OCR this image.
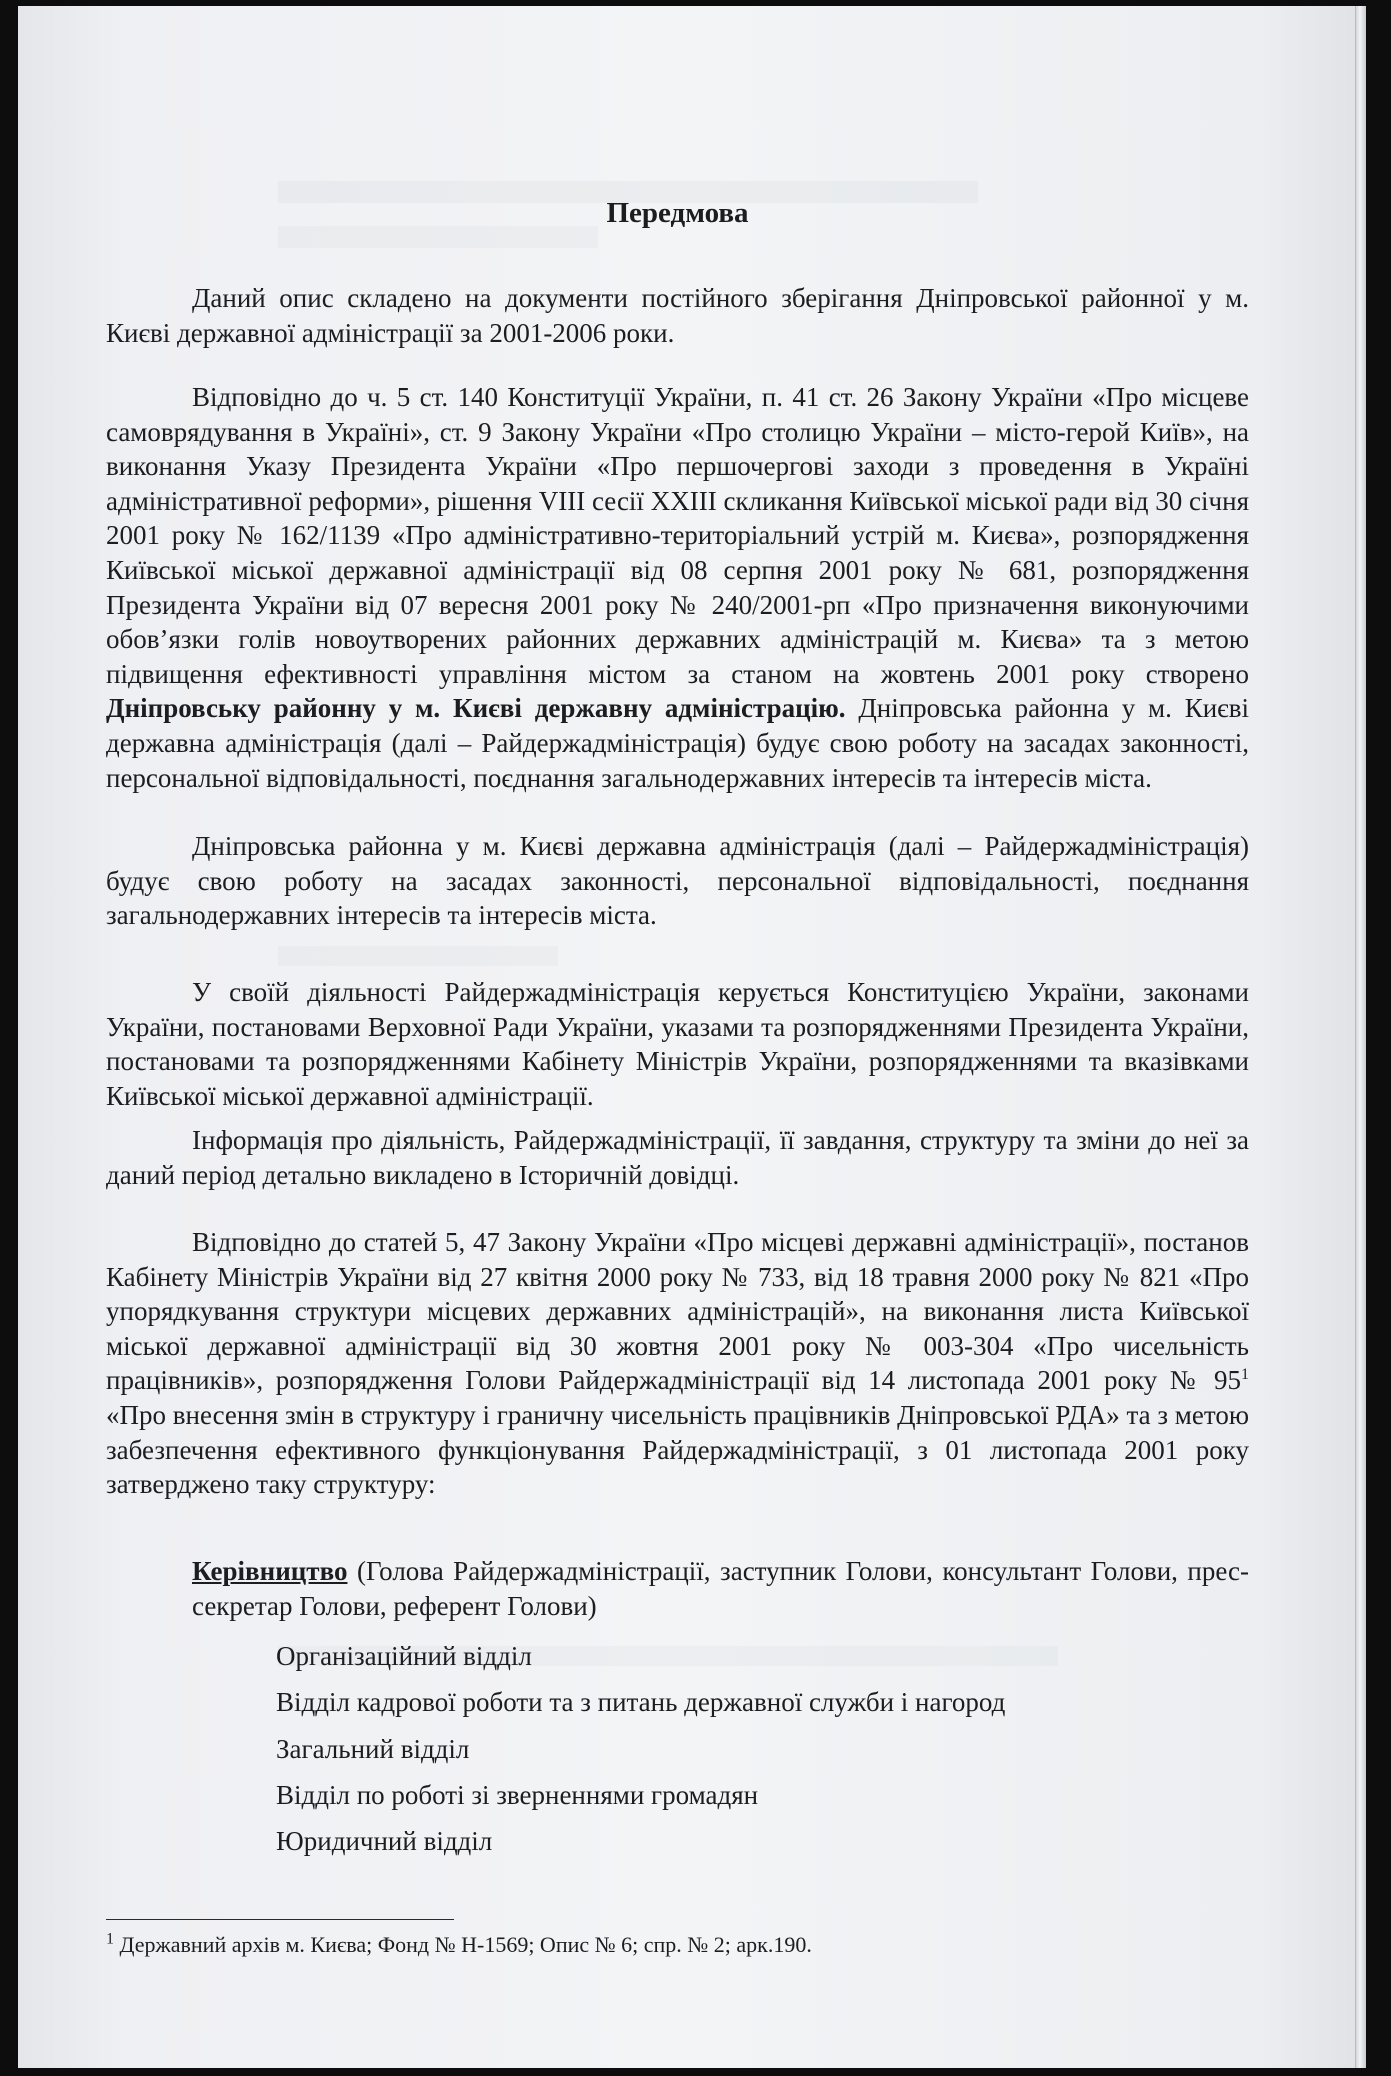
Передмова

Даний опис складено на документи постійного зберігання Дніпровської районної у м. Києві державної адміністрації за 2001-2006 роки.

Відповідно до ч. 5 ст. 140 Конституції України, п. 41 ст. 26 Закону України «Про місцеве самоврядування в Україні», ст. 9 Закону України «Про столицю України – місто-герой Київ», на виконання Указу Президента України «Про першочергові заходи з проведення в Україні адміністративної реформи», рішення VIII сесії XXIII скликання Київської міської ради від 30 січня 2001 року № 162/1139 «Про адміністративно-територіальний устрій м. Києва», розпорядження Київської міської державної адміністрації від 08 серпня 2001 року № 681, розпорядження Президента України від 07 вересня 2001 року № 240/2001-рп «Про призначення виконуючими обов’язки голів новоутворених районних державних адміністрацій м. Києва» та з метою підвищення ефективності управління містом за станом на жовтень 2001 року створено Дніпровську районну у м. Києві державну адміністрацію. Дніпровська районна у м. Києві державна адміністрація (далі – Райдержадміністрація) будує свою роботу на засадах законності, персональної відповідальності, поєднання загальнодержавних інтересів та інтересів міста.

Дніпровська районна у м. Києві державна адміністрація (далі – Райдержадміністрація) будує свою роботу на засадах законності, персональної відповідальності, поєднання загальнодержавних інтересів та інтересів міста.

У своїй діяльності Райдержадміністрація керується Конституцією України, законами України, постановами Верховної Ради України, указами та розпорядженнями Президента України, постановами та розпорядженнями Кабінету Міністрів України, розпорядженнями та вказівками Київської міської державної адміністрації.

Інформація про діяльність, Райдержадміністрації, її завдання, структуру та зміни до неї за даний період детально викладено в Історичній довідці.

Відповідно до статей 5, 47 Закону України «Про місцеві державні адміністрації», постанов Кабінету Міністрів України від 27 квітня 2000 року № 733, від 18 травня 2000 року № 821 «Про упорядкування структури місцевих державних адміністрацій», на виконання листа Київської міської державної адміністрації від 30 жовтня 2001 року № 003-304 «Про чисельність працівників», розпорядження Голови Райдержадміністрації від 14 листопада 2001 року № $95^1$ «Про внесення змін в структуру і граничну чисельність працівників Дніпровської РДА» та з метою забезпечення ефективного функціонування Райдержадміністрації, з 01 листопада 2001 року затверджено таку структуру:

Керівництво (Голова Райдержадміністрації, заступник Голови, консультант Голови, прес-секретар Голови, референт Голови)

Організаційний відділ
Відділ кадрової роботи та з питань державної служби і нагород
Загальний відділ
Відділ по роботі зі зверненнями громадян
Юридичний відділ
$^1$ Державний архів м. Києва; Фонд № Н-1569; Опис № 6; спр. № 2; арк.190.
